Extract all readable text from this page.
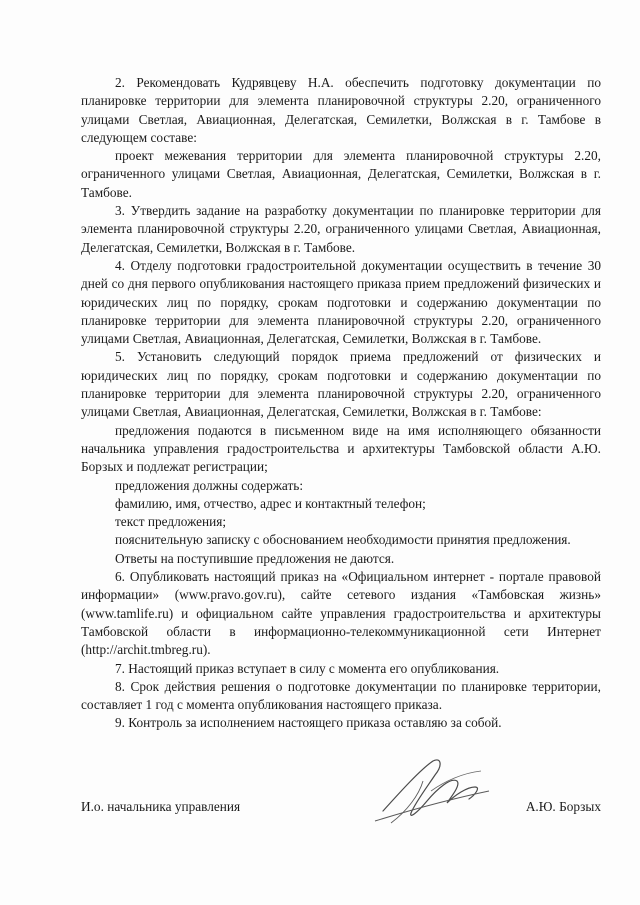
2. Рекомендовать Кудрявцеву Н.А. обеспечить подготовку документации по планировке территории для элемента планировочной структуры 2.20, ограниченного улицами Светлая, Авиационная, Делегатская, Семилетки, Волжская в г. Тамбове в следующем составе:

проект межевания территории для элемента планировочной структуры 2.20, ограниченного улицами Светлая, Авиационная, Делегатская, Семилетки, Волжская в г. Тамбове.

3. Утвердить задание на разработку документации по планировке территории для элемента планировочной структуры 2.20, ограниченного улицами Светлая, Авиационная, Делегатская, Семилетки, Волжская в г. Тамбове.

4. Отделу подготовки градостроительной документации осуществить в течение 30 дней со дня первого опубликования настоящего приказа прием предложений физических и юридических лиц по порядку, срокам подготовки и содержанию документации по планировке территории для элемента планировочной структуры 2.20, ограниченного улицами Светлая, Авиационная, Делегатская, Семилетки, Волжская в г. Тамбове.

5. Установить следующий порядок приема предложений от физических и юридических лиц по порядку, срокам подготовки и содержанию документации по планировке территории для элемента планировочной структуры 2.20, ограниченного улицами Светлая, Авиационная, Делегатская, Семилетки, Волжская в г. Тамбове:

предложения подаются в письменном виде на имя исполняющего обязанности начальника управления градостроительства и архитектуры Тамбовской области А.Ю. Борзых и подлежат регистрации;

предложения должны содержать:

фамилию, имя, отчество, адрес и контактный телефон;

текст предложения;

пояснительную записку с обоснованием необходимости принятия предложения.

Ответы на поступившие предложения не даются.

6. Опубликовать настоящий приказ на «Официальном интернет - портале правовой информации» (www.pravo.gov.ru), сайте сетевого издания «Тамбовская жизнь» (www.tamlife.ru) и официальном сайте управления градостроительства и архитектуры Тамбовской области в информационно-телекоммуникационной сети Интернет (http://archit.tmbreg.ru).

7. Настоящий приказ вступает в силу с момента его опубликования.

8. Срок действия решения о подготовке документации по планировке территории, составляет 1 год с момента опубликования настоящего приказа.

9. Контроль за исполнением настоящего приказа оставляю за собой.

И.о. начальника управления	А.Ю. Борзых
